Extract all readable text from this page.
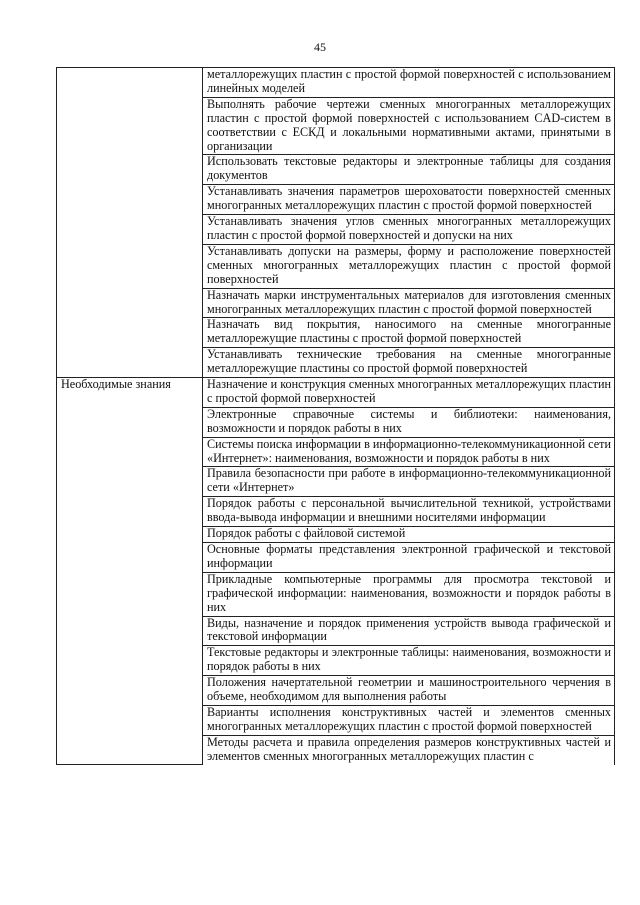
45
	металлорежущих пластин с простой формой поверхностей с использованием линейных моделей
	Выполнять рабочие чертежи сменных многогранных металлорежущих пластин с простой формой поверхностей с использованием CAD-систем в соответствии с ЕСКД и локальными нормативными актами, принятыми в организации
	Использовать текстовые редакторы и электронные таблицы для создания документов
	Устанавливать значения параметров шероховатости поверхностей сменных многогранных металлорежущих пластин с простой формой поверхностей
	Устанавливать значения углов сменных многогранных металлорежущих пластин с простой формой поверхностей и допуски на них
	Устанавливать допуски на размеры, форму и расположение поверхностей сменных многогранных металлорежущих пластин с простой формой поверхностей
	Назначать марки инструментальных материалов для изготовления сменных многогранных металлорежущих пластин с простой формой поверхностей
	Назначать вид покрытия, наносимого на сменные многогранные металлорежущие пластины с простой формой поверхностей
	Устанавливать технические требования на сменные многогранные металлорежущие пластины со простой формой поверхностей
Необходимые знания	Назначение и конструкция сменных многогранных металлорежущих пластин с простой формой поверхностей
	Электронные справочные системы и библиотеки: наименования, возможности и порядок работы в них
	Системы поиска информации в информационно-телекоммуникационной сети «Интернет»: наименования, возможности и порядок работы в них
	Правила безопасности при работе в информационно-телекоммуникационной сети «Интернет»
	Порядок работы с персональной вычислительной техникой, устройствами ввода-вывода информации и внешними носителями информации
	Порядок работы с файловой системой
	Основные форматы представления электронной графической и текстовой информации
	Прикладные компьютерные программы для просмотра текстовой и графической информации: наименования, возможности и порядок работы в них
	Виды, назначение и порядок применения устройств вывода графической и текстовой информации
	Текстовые редакторы и электронные таблицы: наименования, возможности и порядок работы в них
	Положения начертательной геометрии и машиностроительного черчения в объеме, необходимом для выполнения работы
	Варианты исполнения конструктивных частей и элементов сменных многогранных металлорежущих пластин с простой формой поверхностей
	Методы расчета и правила определения размеров конструктивных частей и элементов сменных многогранных металлорежущих пластин с
